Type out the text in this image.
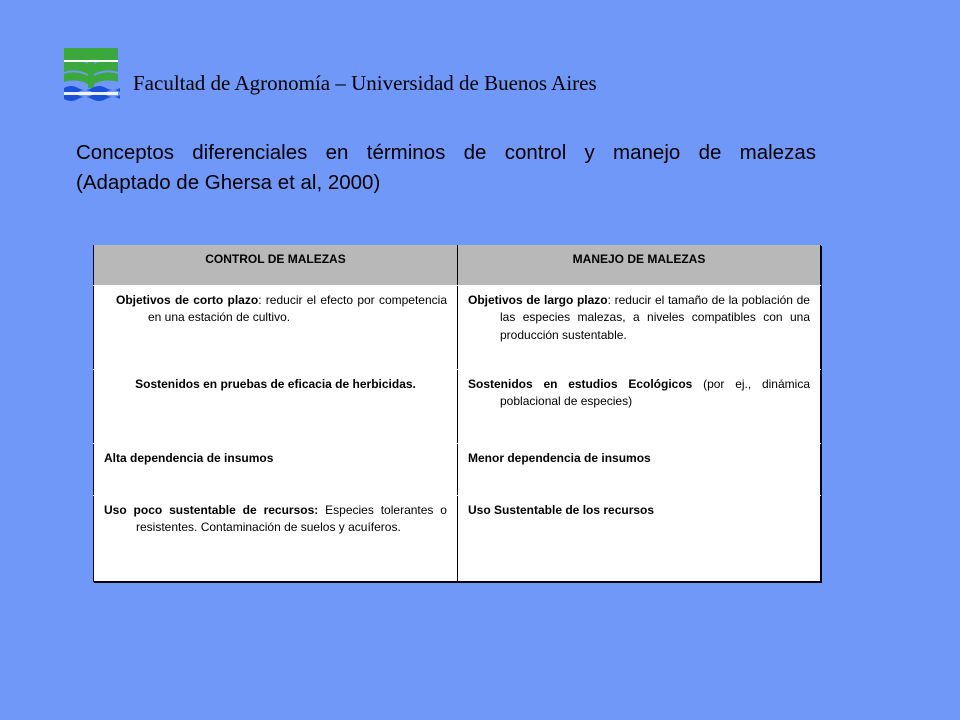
Facultad de Agronomía – Universidad de Buenos Aires
Conceptos diferenciales en términos de control y manejo de malezas
(Adaptado de Ghersa et al, 2000)
CONTROL DE MALEZAS	MANEJO DE MALEZAS

Objetivos de corto plazo: reducir el efecto por competencia en una estación de cultivo.	Objetivos de largo plazo: reducir el tamaño de la población de las especies malezas, a niveles compatibles con una producción sustentable.

Sostenidos en pruebas de eficacia de herbicidas.	Sostenidos en estudios Ecológicos (por ej., dinámica poblacional de especies)

Alta dependencia de insumos	Menor dependencia de insumos

Uso poco sustentable de recursos: Especies tolerantes o resistentes. Contaminación de suelos y acuíferos.	Uso Sustentable de los recursos
